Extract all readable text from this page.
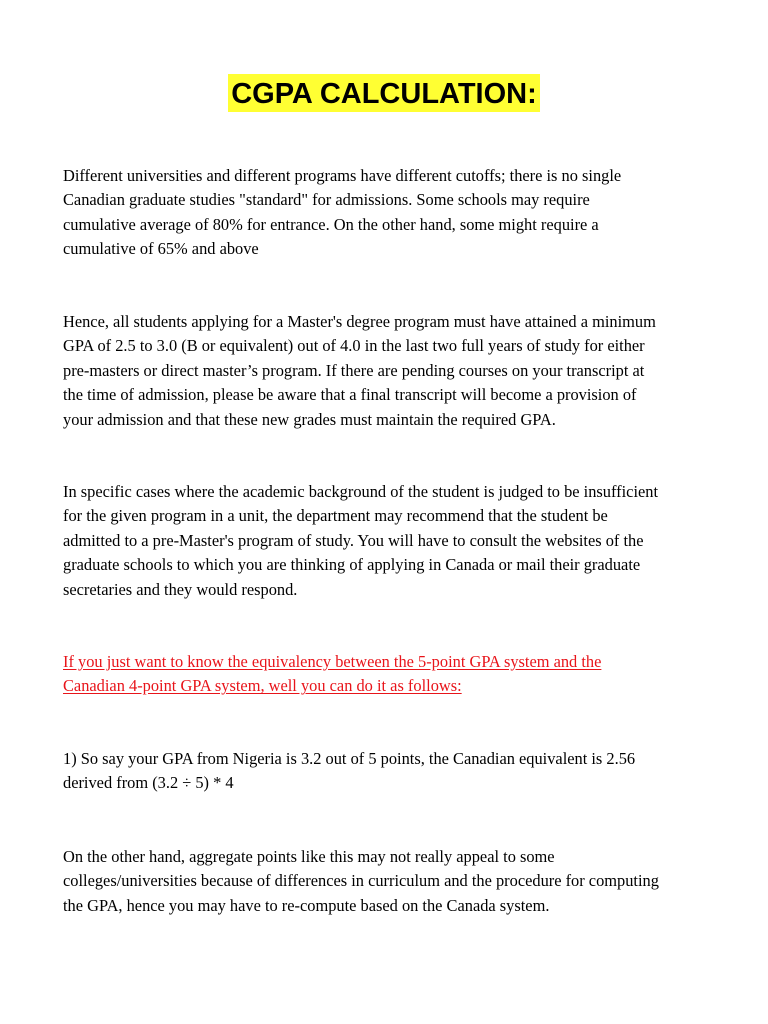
CGPA CALCULATION:

Different universities and different programs have different cutoffs; there is no single
Canadian graduate studies "standard" for admissions. Some schools may require
cumulative average of 80% for entrance. On the other hand, some might require a
cumulative of 65% and above

Hence, all students applying for a Master's degree program must have attained a minimum
GPA of 2.5 to 3.0 (B or equivalent) out of 4.0 in the last two full years of study for either
pre-masters or direct master’s program. If there are pending courses on your transcript at
the time of admission, please be aware that a final transcript will become a provision of
your admission and that these new grades must maintain the required GPA.

In specific cases where the academic background of the student is judged to be insufficient
for the given program in a unit, the department may recommend that the student be
admitted to a pre-Master's program of study. You will have to consult the websites of the
graduate schools to which you are thinking of applying in Canada or mail their graduate
secretaries and they would respond.

If you just want to know the equivalency between the 5-point GPA system and the
Canadian 4-point GPA system, well you can do it as follows:

1) So say your GPA from Nigeria is 3.2 out of 5 points, the Canadian equivalent is 2.56
derived from (3.2 ÷ 5) * 4

On the other hand, aggregate points like this may not really appeal to some
colleges/universities because of differences in curriculum and the procedure for computing
the GPA, hence you may have to re-compute based on the Canada system.
